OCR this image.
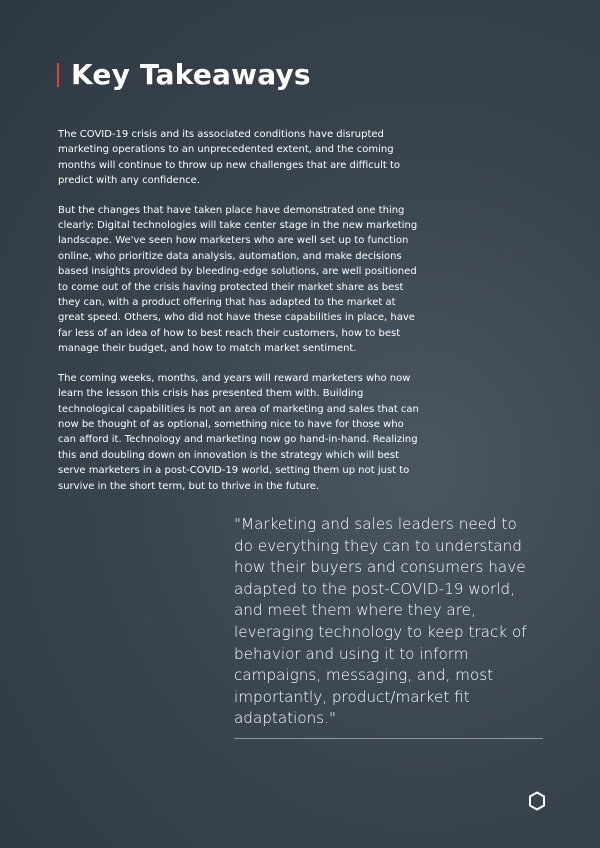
Key Takeaways

The COVID-19 crisis and its associated conditions have disrupted marketing operations to an unprecedented extent, and the coming months will continue to throw up new challenges that are difficult to predict with any confidence.

But the changes that have taken place have demonstrated one thing clearly: Digital technologies will take center stage in the new marketing landscape. We've seen how marketers who are well set up to function online, who prioritize data analysis, automation, and make decisions based insights provided by bleeding-edge solutions, are well positioned to come out of the crisis having protected their market share as best they can, with a product offering that has adapted to the market at great speed. Others, who did not have these capabilities in place, have far less of an idea of how to best reach their customers, how to best manage their budget, and how to match market sentiment.

The coming weeks, months, and years will reward marketers who now learn the lesson this crisis has presented them with. Building technological capabilities is not an area of marketing and sales that can now be thought of as optional, something nice to have for those who can afford it. Technology and marketing now go hand-in-hand. Realizing this and doubling down on innovation is the strategy which will best serve marketers in a post-COVID-19 world, setting them up not just to survive in the short term, but to thrive in the future.

"Marketing and sales leaders need to do everything they can to understand how their buyers and consumers have adapted to the post-COVID-19 world, and meet them where they are, leveraging technology to keep track of behavior and using it to inform campaigns, messaging, and, most importantly, product/market fit adaptations."
